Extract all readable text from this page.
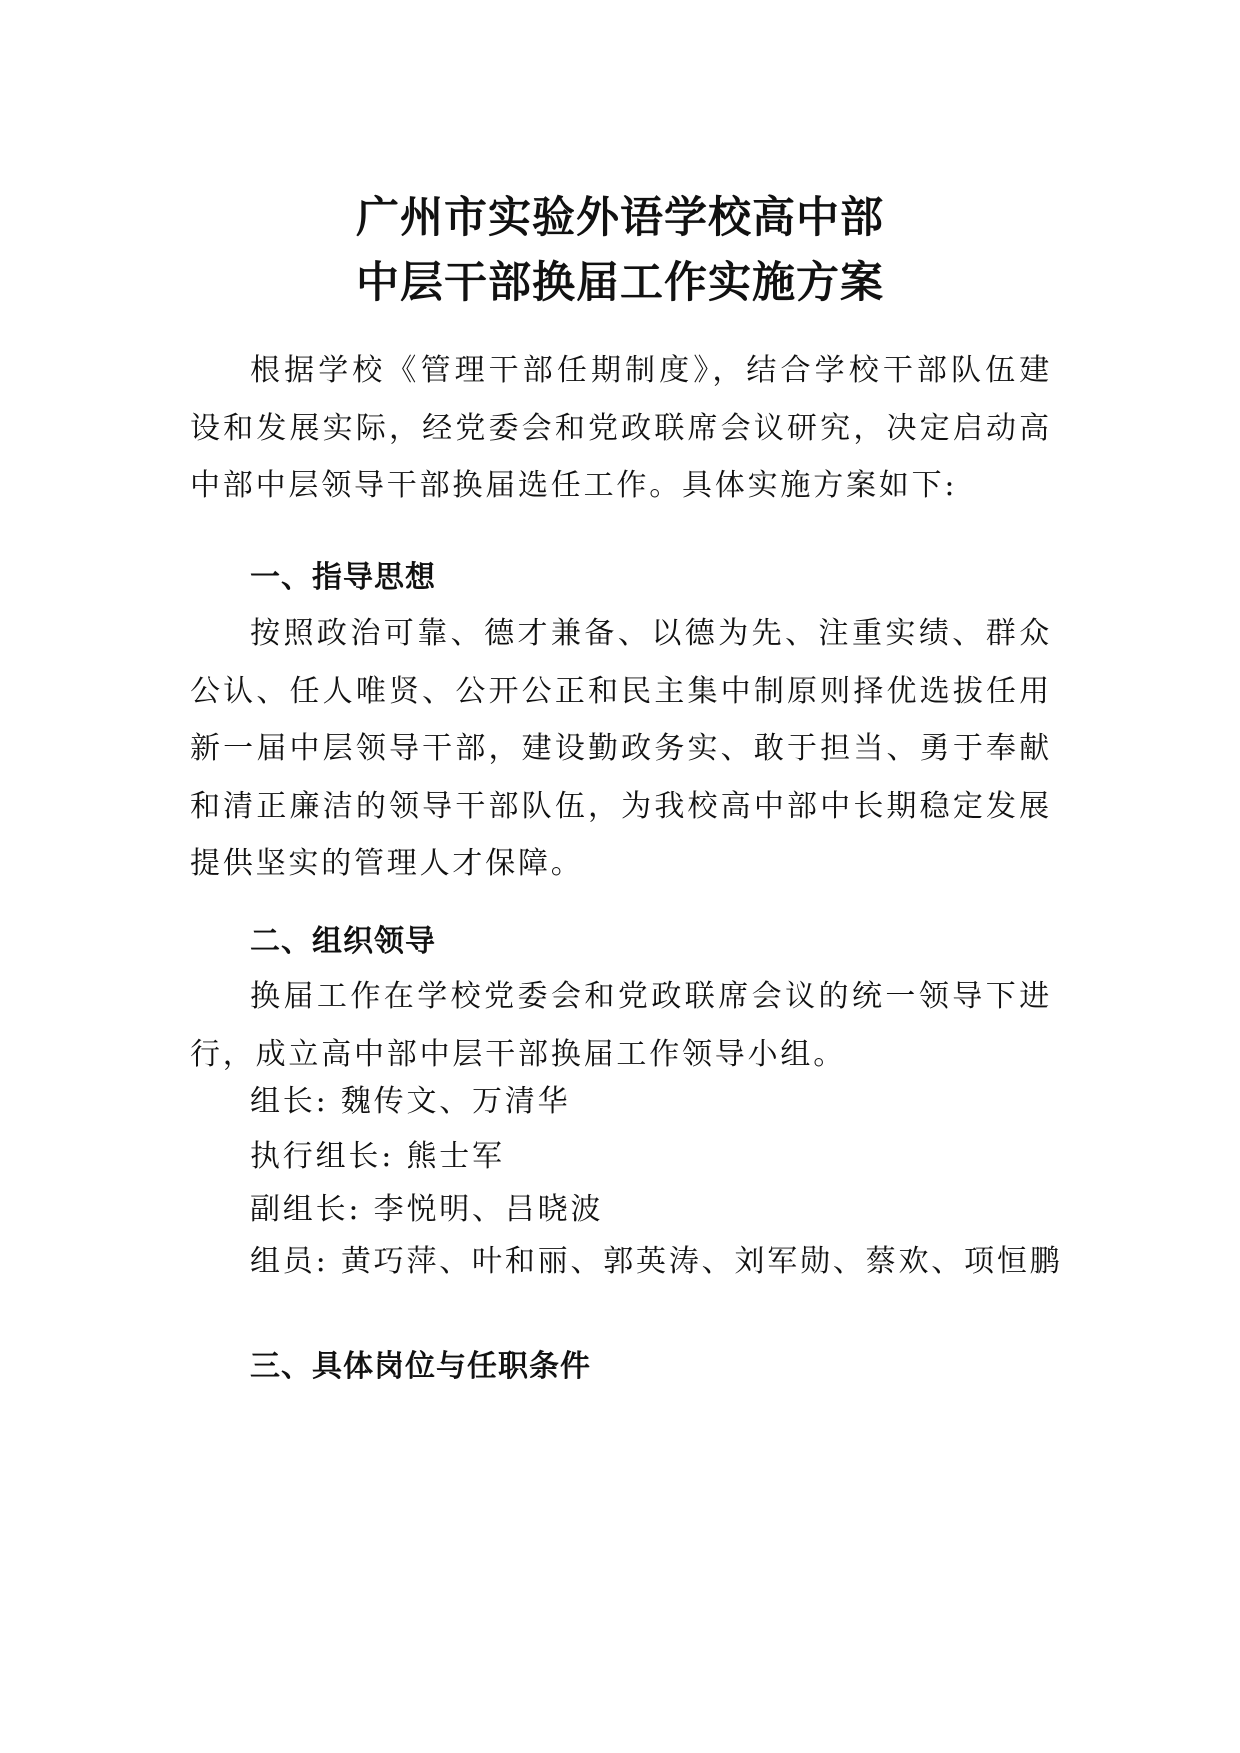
广州市实验外语学校高中部
中层干部换届工作实施方案

根据学校《管理干部任期制度》，结合学校干部队伍建设和发展实际，经党委会和党政联席会议研究，决定启动高中部中层领导干部换届选任工作。具体实施方案如下:

一、指导思想

按照政治可靠、德才兼备、以德为先、注重实绩、群众公认、任人唯贤、公开公正和民主集中制原则择优选拔任用新一届中层领导干部，建设勤政务实、敢于担当、勇于奉献和清正廉洁的领导干部队伍，为我校高中部中长期稳定发展提供坚实的管理人才保障。

二、组织领导

换届工作在学校党委会和党政联席会议的统一领导下进行，成立高中部中层干部换届工作领导小组。

组长: 魏传文、万清华

执行组长: 熊士军

副组长: 李悦明、吕晓波

组员: 黄巧萍、叶和丽、郭英涛、刘军勋、蔡欢、项恒鹏

三、具体岗位与任职条件
